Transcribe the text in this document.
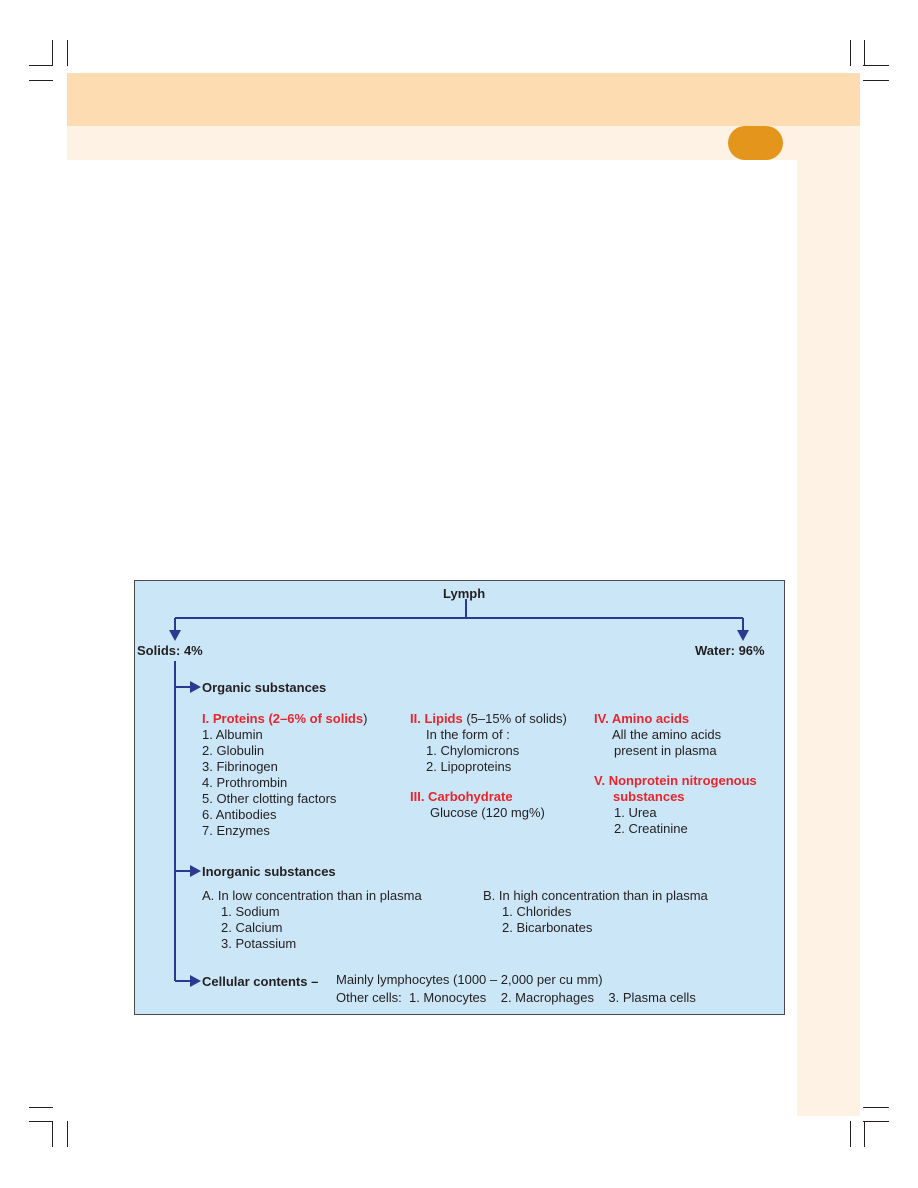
Lymph
Solids: 4%	Water: 96%
Organic substances
I. Proteins (2–6% of solids)
1. Albumin
2. Globulin
3. Fibrinogen
4. Prothrombin
5. Other clotting factors
6. Antibodies
7. Enzymes
II. Lipids (5–15% of solids)
In the form of :
1. Chylomicrons
2. Lipoproteins
III. Carbohydrate
Glucose (120 mg%)
IV. Amino acids
All the amino acids
present in plasma
V. Nonprotein nitrogenous
substances
1. Urea
2. Creatinine
Inorganic substances
A. In low concentration than in plasma
1. Sodium
2. Calcium
3. Potassium
B. In high concentration than in plasma
1. Chlorides
2. Bicarbonates
Cellular contents – Mainly lymphocytes (1000 – 2,000 per cu mm)
Other cells:  1. Monocytes    2. Macrophages    3. Plasma cells
